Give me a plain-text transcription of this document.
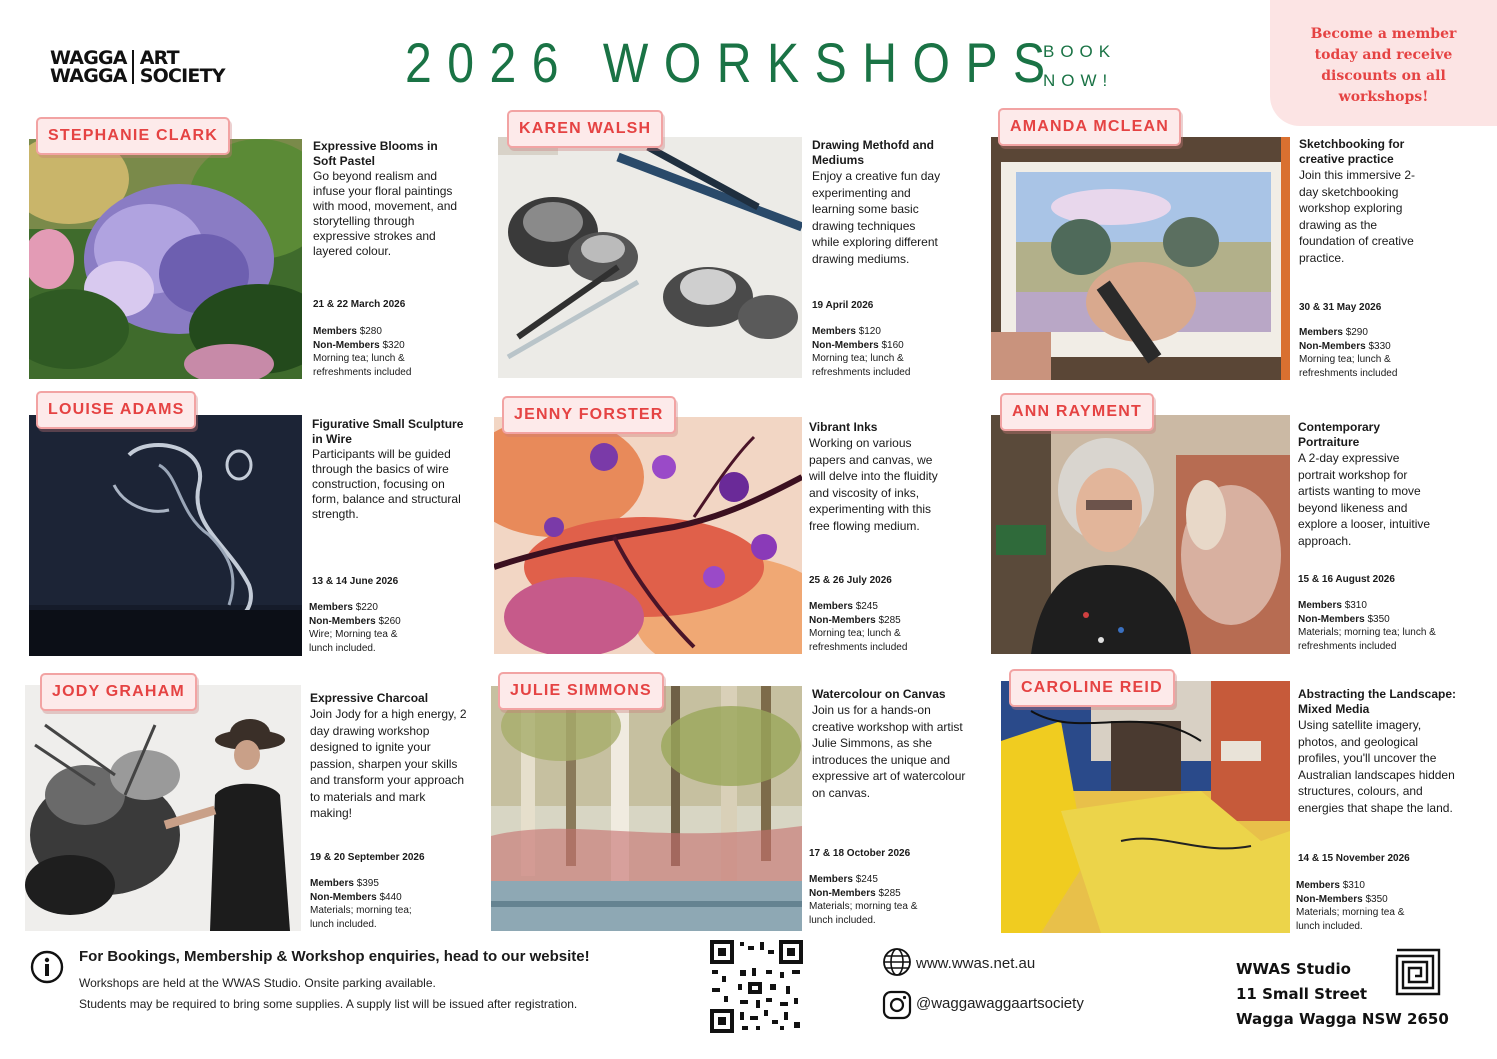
WAGGA
WAGGA
ART
SOCIETY	2026 WORKSHOPS
BOOK
NOW!
Become a member today and receive discounts on all workshops!
STEPHANIE CLARK
Expressive Blooms in Soft Pastel
Go beyond realism and infuse your floral paintings with mood, movement, and storytelling through expressive strokes and layered colour.
21 & 22 March 2026
Members $280
Non-Members $320
Morning tea; lunch & refreshments included
KAREN WALSH
Drawing Methofd and Mediums
Enjoy a creative fun day experimenting and learning some basic drawing techniques while exploring different drawing mediums.
19 April 2026
Members $120
Non-Members $160
Morning tea; lunch & refreshments included
AMANDA MCLEAN
Sketchbooking for creative practice
Join this immersive 2-day sketchbooking workshop exploring drawing as the foundation of creative practice.
30 & 31 May 2026
Members $290
Non-Members $330
Morning tea; lunch & refreshments included
LOUISE ADAMS
Figurative Small Sculpture in Wire
Participants will be guided through the basics of wire construction, focusing on form, balance and structural strength.
13 & 14 June 2026
Members $220
Non-Members $260
Wire; Morning tea & lunch included.
JENNY FORSTER
Vibrant Inks
Working on various papers and canvas, we will delve into the fluidity and viscosity of inks, experimenting with this free flowing medium.
25 & 26 July 2026
Members $245
Non-Members $285
Morning tea; lunch & refreshments included
ANN RAYMENT
Contemporary Portraiture
A 2-day expressive portrait workshop for artists wanting to move beyond likeness and explore a looser, intuitive approach.
15 & 16 August 2026
Members $310
Non-Members $350
Materials; morning tea; lunch & refreshments included
JODY GRAHAM	Expressive Charcoal
Join Jody for a high energy, 2 day drawing workshop designed to ignite your passion, sharpen your skills and transform your approach to materials and mark making!
19 & 20 September 2026
Members $395
Non-Members $440
Materials; morning tea; lunch included.
JULIE SIMMONS	Watercolour on Canvas
Join us for a hands-on creative workshop with artist Julie Simmons, as she introduces the unique and expressive art of watercolour on canvas.
17 & 18 October 2026
Members $245
Non-Members $285
Materials; morning tea & lunch included.
CAROLINE REID	Abstracting the Landscape: Mixed Media
Using satellite imagery, photos, and geological profiles, you'll uncover the Australian landscapes hidden structures, colours, and energies that shape the land.
14 & 15 November 2026
Members $310
Non-Members $350
Materials; morning tea & lunch included.
For Bookings, Membership & Workshop enquiries, head to our website!
Workshops are held at the WWAS Studio. Onsite parking available.
Students may be required to bring some supplies. A supply list will be issued after registration.
www.wwas.net.au
@waggawaggaartsociety
WWAS Studio
11 Small Street
Wagga Wagga NSW 2650
